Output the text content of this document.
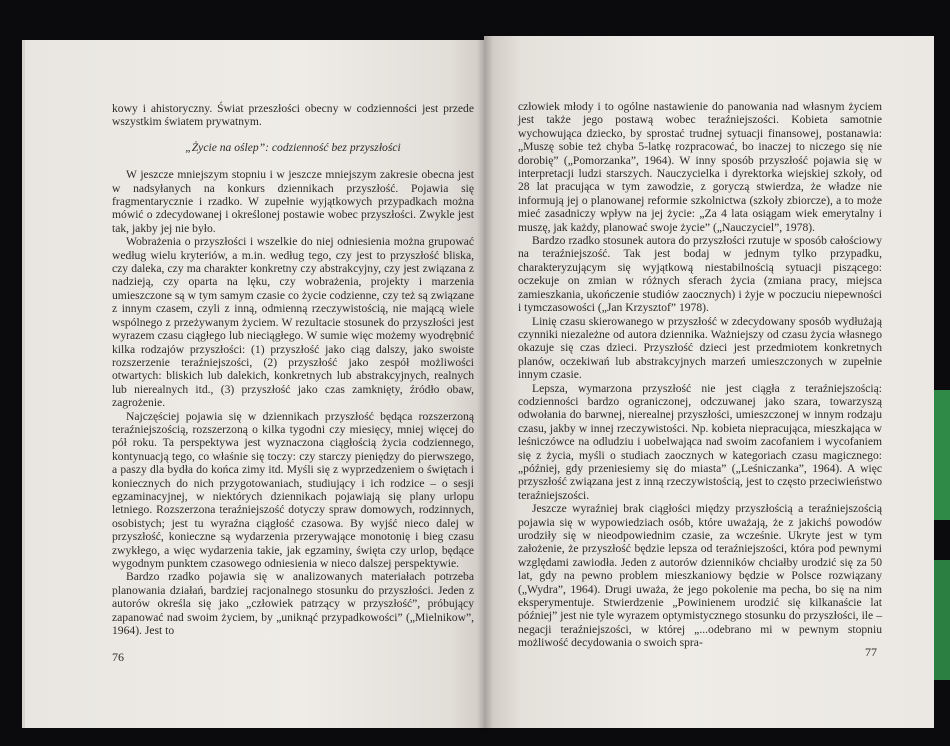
kowy i ahistoryczny. Świat przeszłości obecny w codzienności jest przede wszystkim światem prywatnym.

„Życie na oślep”: codzienność bez przyszłości

W jeszcze mniejszym stopniu i w jeszcze mniejszym zakresie obecna jest w nadsyłanych na konkurs dziennikach przyszłość. Pojawia się fragmentarycznie i rzadko. W zupełnie wyjątkowych przypadkach można mówić o zdecydowanej i określonej postawie wobec przyszłości. Zwykle jest tak, jakby jej nie było.

Wobrażenia o przyszłości i wszelkie do niej odniesienia można grupować według wielu kryteriów, a m.in. według tego, czy jest to przyszłość bliska, czy daleka, czy ma charakter konkretny czy abstrakcyjny, czy jest związana z nadzieją, czy oparta na lęku, czy wobrażenia, projekty i marzenia umieszczone są w tym samym czasie co życie codzienne, czy też są związane z innym czasem, czyli z inną, odmienną rzeczywistością, nie mającą wiele wspólnego z przeżywanym życiem. W rezultacie stosunek do przyszłości jest wyrazem czasu ciągłego lub nieciągłego. W sumie więc możemy wyodrębnić kilka rodzajów przyszłości: (1) przyszłość jako ciąg dalszy, jako swoiste rozszerzenie teraźniejszości, (2) przyszłość jako zespół możliwości otwartych: bliskich lub dalekich, konkretnych lub abstrakcyjnych, realnych lub nierealnych itd., (3) przyszłość jako czas zamknięty, źródło obaw, zagrożenie.

Najczęściej pojawia się w dziennikach przyszłość będąca rozszerzoną teraźniejszością, rozszerzoną o kilka tygodni czy miesięcy, mniej więcej do pół roku. Ta perspektywa jest wyznaczona ciągłością życia codziennego, kontynuacją tego, co właśnie się toczy: czy starczy pieniędzy do pierwszego, a paszy dla bydła do końca zimy itd. Myśli się z wyprzedzeniem o świętach i koniecznych do nich przygotowaniach, studiujący i ich rodzice – o sesji egzaminacyjnej, w niektórych dziennikach pojawiają się plany urlopu letniego. Rozszerzona teraźniejszość dotyczy spraw domowych, rodzinnych, osobistych; jest tu wyraźna ciągłość czasowa. By wyjść nieco dalej w przyszłość, konieczne są wydarzenia przerywające monotonię i bieg czasu zwykłego, a więc wydarzenia takie, jak egzaminy, święta czy urlop, będące wygodnym punktem czasowego odniesienia w nieco dalszej perspektywie.

Bardzo rzadko pojawia się w analizowanych materiałach potrzeba planowania działań, bardziej racjonalnego stosunku do przyszłości. Jeden z autorów określa się jako „człowiek patrzący w przyszłość”, próbujący zapanować nad swoim życiem, by „uniknąć przypadkowości” („Mielnikow”, 1964). Jest to

76

człowiek młody i to ogólne nastawienie do panowania nad własnym życiem jest także jego postawą wobec teraźniejszości. Kobieta samotnie wychowująca dziecko, by sprostać trudnej sytuacji finansowej, postanawia: „Muszę sobie też chyba 5-latkę rozpracować, bo inaczej to niczego się nie dorobię” („Pomorzanka”, 1964). W inny sposób przyszłość pojawia się w interpretacji ludzi starszych. Nauczycielka i dyrektorka wiejskiej szkoły, od 28 lat pracująca w tym zawodzie, z goryczą stwierdza, że władze nie informują jej o planowanej reformie szkolnictwa (szkoły zbiorcze), a to może mieć zasadniczy wpływ na jej życie: „Za 4 lata osiągam wiek emerytalny i muszę, jak każdy, planować swoje życie” („Nauczyciel”, 1978).

Bardzo rzadko stosunek autora do przyszłości rzutuje w sposób całościowy na teraźniejszość. Tak jest bodaj w jednym tylko przypadku, charakteryzującym się wyjątkową niestabilnością sytuacji piszącego: oczekuje on zmian w różnych sferach życia (zmiana pracy, miejsca zamieszkania, ukończenie studiów zaocznych) i żyje w poczuciu niepewności i tymczasowości („Jan Krzysztof” 1978).

Linię czasu skierowanego w przyszłość w zdecydowany sposób wydłużają czynniki niezależne od autora dziennika. Ważniejszy od czasu życia własnego okazuje się czas dzieci. Przyszłość dzieci jest przedmiotem konkretnych planów, oczekiwań lub abstrakcyjnych marzeń umieszczonych w zupełnie innym czasie.

Lepsza, wymarzona przyszłość nie jest ciągła z teraźniejszością: codzienności bardzo ograniczonej, odczuwanej jako szara, towarzyszą odwołania do barwnej, nierealnej przyszłości, umieszczonej w innym rodzaju czasu, jakby w innej rzeczywistości. Np. kobieta niepracująca, mieszkająca w leśniczówce na odludziu i uobelwająca nad swoim zacofaniem i wycofaniem się z życia, myśli o studiach zaocznych w kategoriach czasu magicznego: „później, gdy przeniesiemy się do miasta” („Leśniczanka”, 1964). A więc przyszłość związana jest z inną rzeczywistością, jest to często przeciwieństwo teraźniejszości.

Jeszcze wyraźniej brak ciągłości między przyszłością a teraźniejszością pojawia się w wypowiedziach osób, które uważają, że z jakichś powodów urodziły się w nieodpowiednim czasie, za wcześnie. Ukryte jest w tym założenie, że przyszłość będzie lepsza od teraźniejszości, która pod pewnymi względami zawiodła. Jeden z autorów dzienników chciałby urodzić się za 50 lat, gdy na pewno problem mieszkaniowy będzie w Polsce rozwiązany („Wydra”, 1964). Drugi uważa, że jego pokolenie ma pecha, bo się na nim eksperymentuje. Stwierdzenie „Powinienem urodzić się kilkanaście lat później” jest nie tyle wyrazem optymistycznego stosunku do przyszłości, ile – negacji teraźniejszości, w której „...odebrano mi w pewnym stopniu możliwość decydowania o swoich spra-

77
